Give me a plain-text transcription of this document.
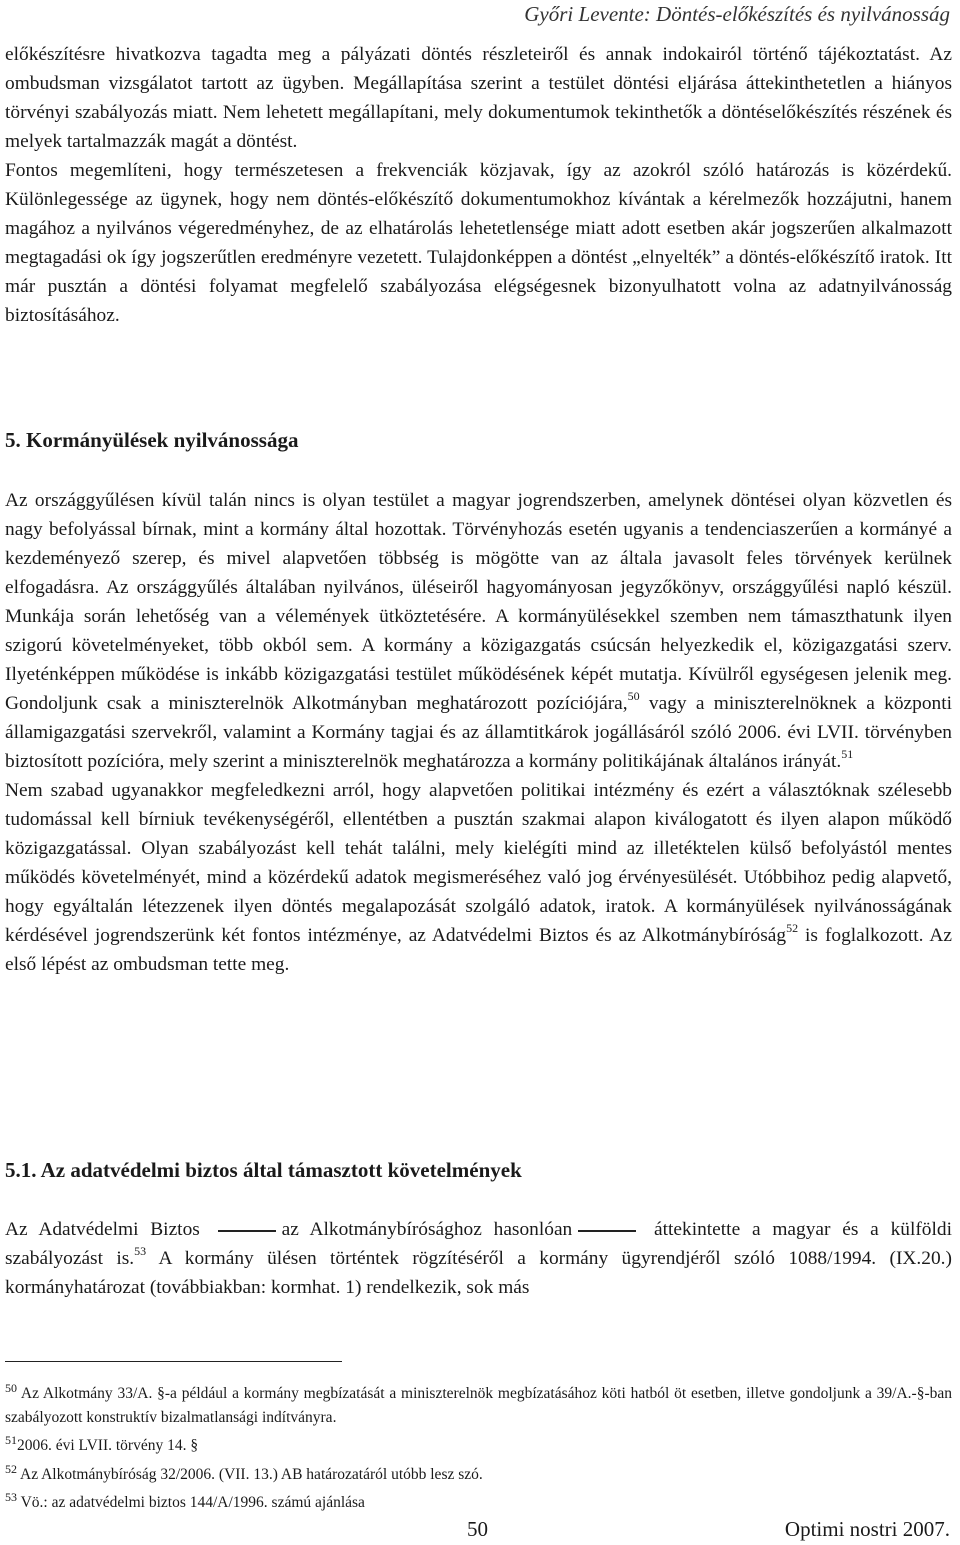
Győri Levente: Döntés-előkészítés és nyilvánosság

előkészítésre hivatkozva tagadta meg a pályázati döntés részleteiről és annak indokairól történő tájékoztatást. Az ombudsman vizsgálatot tartott az ügyben. Megállapítása szerint a testület döntési eljárása áttekinthetetlen a hiányos törvényi szabályozás miatt. Nem lehetett megállapítani, mely dokumentumok tekinthetők a döntéselőkészítés részének és melyek tartalmazzák magát a döntést.

Fontos megemlíteni, hogy természetesen a frekvenciák közjavak, így az azokról szóló határozás is közérdekű. Különlegessége az ügynek, hogy nem döntés-előkészítő dokumentumokhoz kívántak a kérelmezők hozzájutni, hanem magához a nyilvános végeredményhez, de az elhatárolás lehetetlensége miatt adott esetben akár jogszerűen alkalmazott megtagadási ok így jogszerűtlen eredményre vezetett. Tulajdonképpen a döntést „elnyelték” a döntés-előkészítő iratok. Itt már pusztán a döntési folyamat megfelelő szabályozása elégségesnek bizonyulhatott volna az adatnyilvánosság biztosításához.

5. Kormányülések nyilvánossága

Az országgyűlésen kívül talán nincs is olyan testület a magyar jogrendszerben, amelynek döntései olyan közvetlen és nagy befolyással bírnak, mint a kormány által hozottak. Törvényhozás esetén ugyanis a tendenciaszerűen a kormányé a kezdeményező szerep, és mivel alapvetően többség is mögötte van az általa javasolt feles törvények kerülnek elfogadásra. Az országgyűlés általában nyilvános, üléseiről hagyományosan jegyzőkönyv, országgyűlési napló készül. Munkája során lehetőség van a vélemények ütköztetésére. A kormányülésekkel szemben nem támaszthatunk ilyen szigorú követelményeket, több okból sem. A kormány a közigazgatás csúcsán helyezkedik el, közigazgatási szerv. Ilyeténképpen működése is inkább közigazgatási testület működésének képét mutatja. Kívülről egységesen jelenik meg. Gondoljunk csak a miniszterelnök Alkotmányban meghatározott pozíciójára,$^{50}$ vagy a miniszterelnöknek a központi államigazgatási szervekről, valamint a Kormány tagjai és az államtitkárok jogállásáról szóló 2006. évi LVII. törvényben biztosított pozícióra, mely szerint a miniszterelnök meghatározza a kormány politikájának általános irányát.$^{51}$

Nem szabad ugyanakkor megfeledkezni arról, hogy alapvetően politikai intézmény és ezért a választóknak szélesebb tudomással kell bírniuk tevékenységéről, ellentétben a pusztán szakmai alapon kiválogatott és ilyen alapon működő közigazgatással. Olyan szabályozást kell tehát találni, mely kielégíti mind az illetéktelen külső befolyástól mentes működés követelményét, mind a közérdekű adatok megismeréséhez való jog érvényesülését. Utóbbihoz pedig alapvető, hogy egyáltalán létezzenek ilyen döntés megalapozását szolgáló adatok, iratok. A kormányülések nyilvánosságának kérdésével jogrendszerünk két fontos intézménye, az Adatvédelmi Biztos és az Alkotmánybíróság$^{52}$ is foglalkozott. Az első lépést az ombudsman tette meg.

5.1. Az adatvédelmi biztos által támasztott követelmények

Az Adatvédelmi Biztos	az Alkotmánybírósághoz hasonlóan	áttekintette a magyar és a külföldi szabályozást is.$^{53}$ A kormány ülésen történtek rögzítéséről a kormány ügyrendjéről szóló 1088/1994. (IX.20.) kormányhatározat (továbbiakban: kormhat. 1) rendelkezik, sok más

$^{50}$ Az Alkotmány 33/A. §-a például a kormány megbízatását a miniszterelnök megbízatásához köti hatból öt esetben, illetve gondoljunk a 39/A.-§-ban szabályozott konstruktív bizalmatlansági indítványra.

$^{51}$2006. évi LVII. törvény 14. §

$^{52}$ Az Alkotmánybíróság 32/2006. (VII. 13.) AB határozatáról utóbb lesz szó.

$^{53}$ Vö.: az adatvédelmi biztos 144/A/1996. számú ajánlása

50	Optimi nostri 2007.
